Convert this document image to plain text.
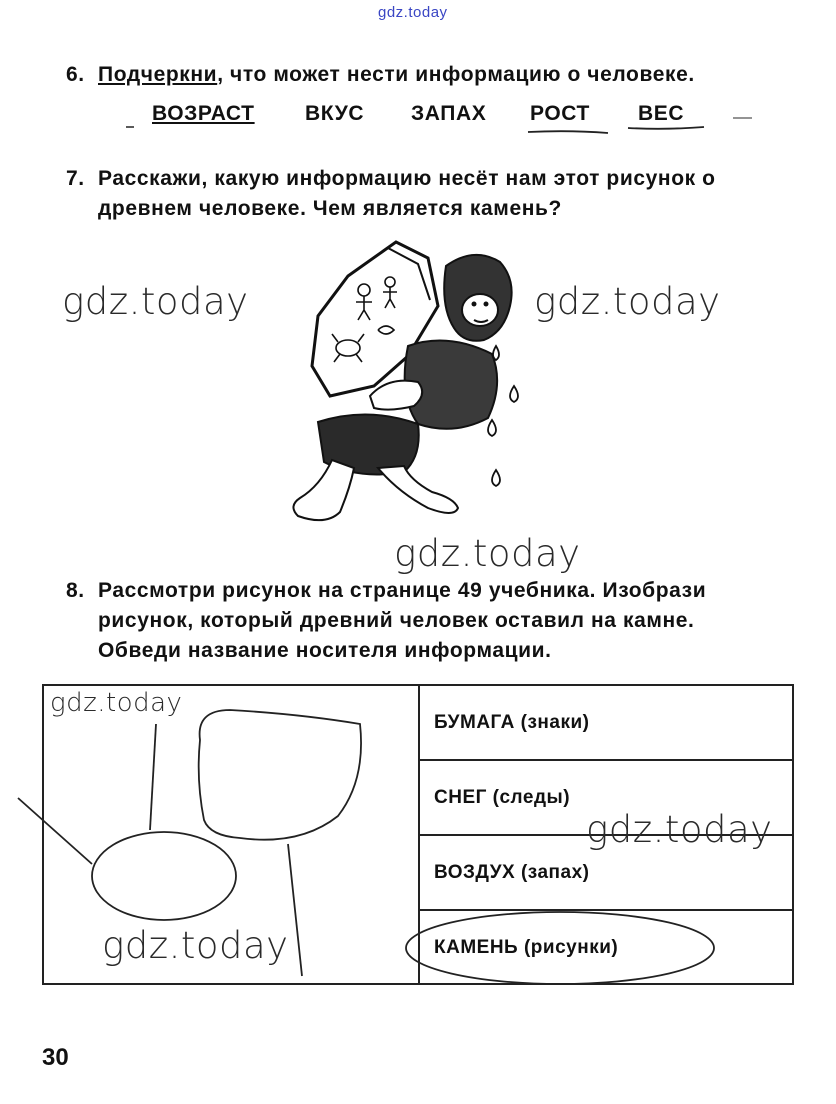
gdz.today
6. Подчеркни, что может нести информацию о человеке.
ВОЗРАСТ ВКУС ЗАПАХ РОСТ ВЕС
7. Расскажи, какую информацию несёт нам этот рисунок о
древнем человеке. Чем является камень?
gdz.today	gdz.today
gdz.today
8. Рассмотри рисунок на странице 49 учебника. Изобрази
рисунок, который древний человек оставил на камне.
Обведи название носителя информации.
БУМАГА (знаки)
СНЕГ (следы)
ВОЗДУХ (запах)
КАМЕНЬ (рисунки)
gdz.today
gdz.today
gdz.today
30
